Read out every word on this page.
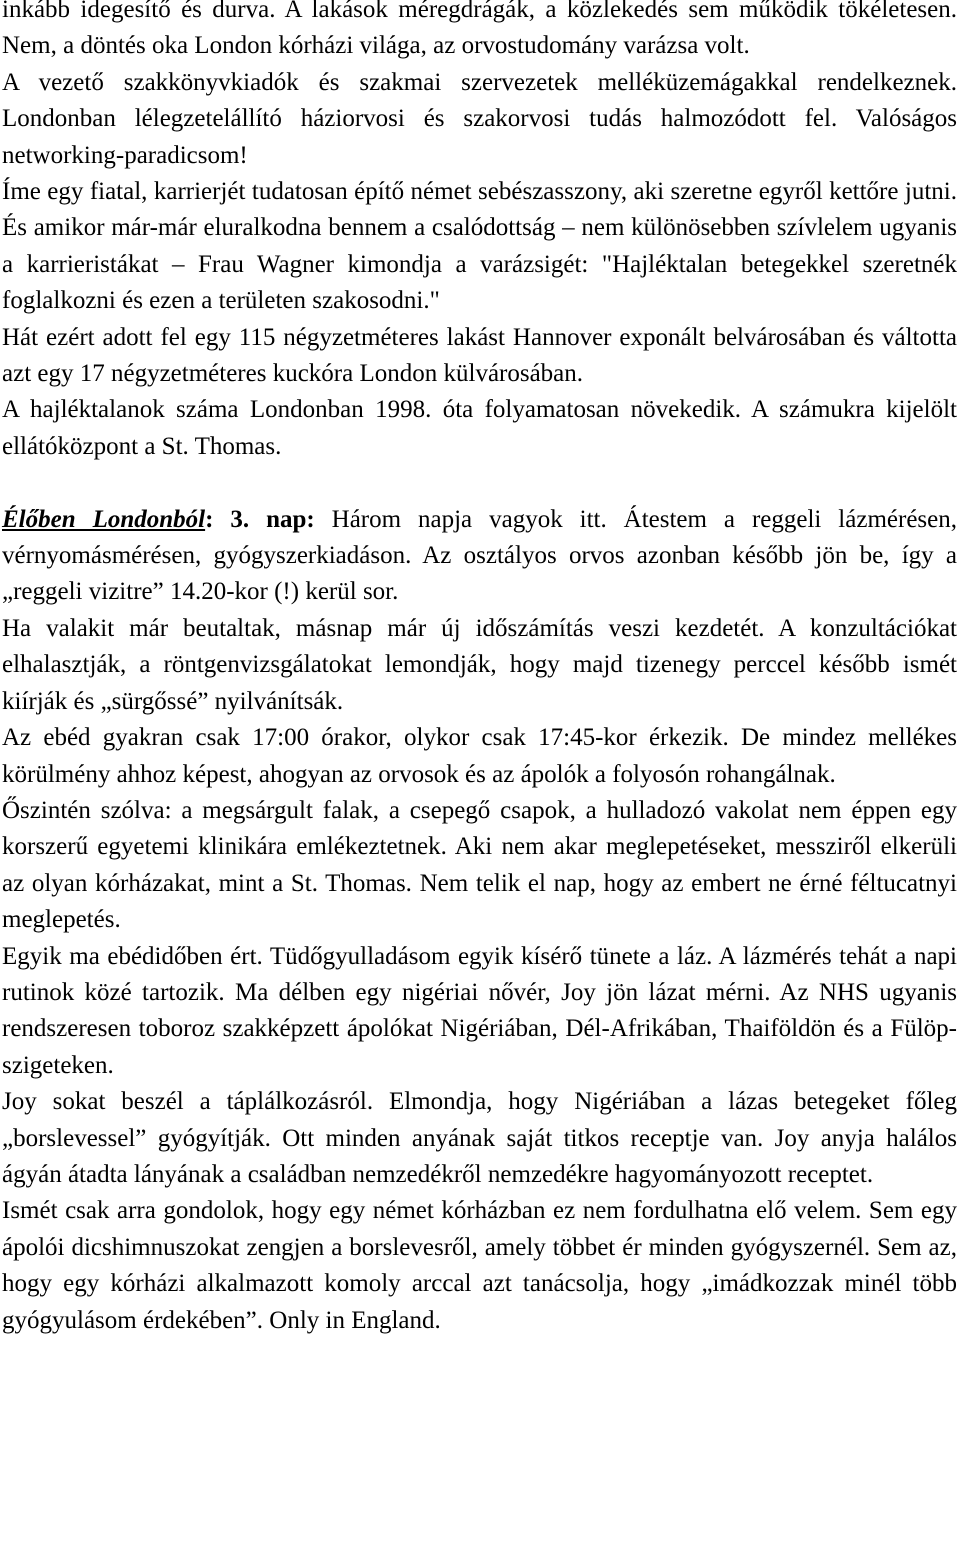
inkább idegesítő és durva. A lakások méregdrágák, a közlekedés sem működik tökéletesen. Nem, a döntés oka London kórházi világa, az orvostudomány varázsa volt.

A vezető szakkönyvkiadók és szakmai szervezetek melléküzemágakkal rendelkeznek. Londonban lélegzetelállító háziorvosi és szakorvosi tudás halmozódott fel. Valóságos networking-paradicsom!

Íme egy fiatal, karrierjét tudatosan építő német sebészasszony, aki szeretne egyről kettőre jutni. És amikor már-már eluralkodna bennem a csalódottság – nem különösebben szívlelem ugyanis a karrieristákat – Frau Wagner kimondja a varázsigét: "Hajléktalan betegekkel szeretnék foglalkozni és ezen a területen szakosodni."

Hát ezért adott fel egy 115 négyzetméteres lakást Hannover exponált belvárosában és váltotta azt egy 17 négyzetméteres kuckóra London külvárosában.

A hajléktalanok száma Londonban 1998. óta folyamatosan növekedik. A számukra kijelölt ellátóközpont a St. Thomas.

Élőben Londonból: 3. nap: Három napja vagyok itt. Átestem a reggeli lázmérésen, vérnyomásmérésen, gyógyszerkiadáson. Az osztályos orvos azonban később jön be, így a „reggeli vizitre” 14.20-kor (!) kerül sor.

Ha valakit már beutaltak, másnap már új időszámítás veszi kezdetét. A konzultációkat elhalasztják, a röntgenvizsgálatokat lemondják, hogy majd tizenegy perccel később ismét kiírják és „sürgőssé” nyilvánítsák.

Az ebéd gyakran csak 17:00 órakor, olykor csak 17:45-kor érkezik. De mindez mellékes körülmény ahhoz képest, ahogyan az orvosok és az ápolók a folyosón rohangálnak.

Őszintén szólva: a megsárgult falak, a csepegő csapok, a hulladozó vakolat nem éppen egy korszerű egyetemi klinikára emlékeztetnek. Aki nem akar meglepetéseket, messziről elkerüli az olyan kórházakat, mint a St. Thomas. Nem telik el nap, hogy az embert ne érné féltucatnyi meglepetés.

Egyik ma ebédidőben ért. Tüdőgyulladásom egyik kísérő tünete a láz. A lázmérés tehát a napi rutinok közé tartozik. Ma délben egy nigériai nővér, Joy jön lázat mérni. Az NHS ugyanis rendszeresen toboroz szakképzett ápolókat Nigériában, Dél-Afrikában, Thaiföldön és a Fülöp-szigeteken.

Joy sokat beszél a táplálkozásról. Elmondja, hogy Nigériában a lázas betegeket főleg „borslevessel” gyógyítják. Ott minden anyának saját titkos receptje van. Joy anyja halálos ágyán átadta lányának a családban nemzedékről nemzedékre hagyományozott receptet.

Ismét csak arra gondolok, hogy egy német kórházban ez nem fordulhatna elő velem. Sem egy ápolói dicshimnuszokat zengjen a borslevesről, amely többet ér minden gyógyszernél. Sem az, hogy egy kórházi alkalmazott komoly arccal azt tanácsolja, hogy „imádkozzak minél több gyógyulásom érdekében”. Only in England.
